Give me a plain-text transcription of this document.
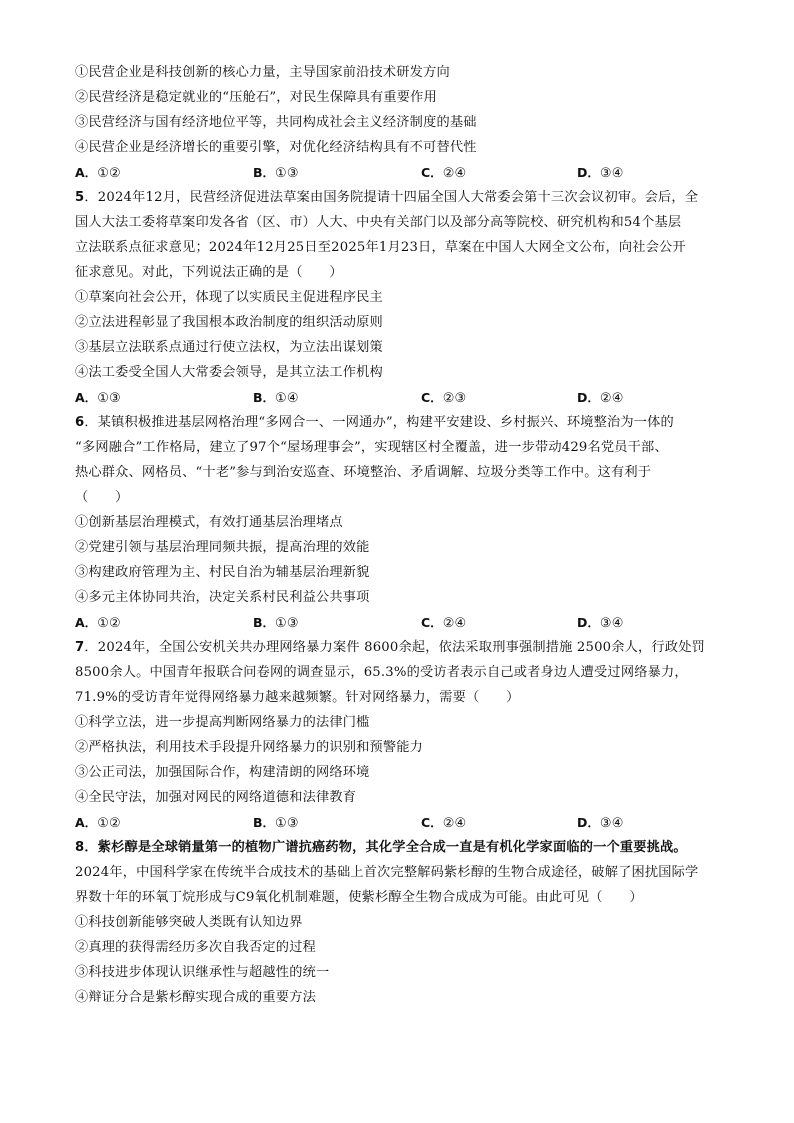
①民营企业是科技创新的核心力量，主导国家前沿技术研发方向
②民营经济是稳定就业的“压舱石”，对民生保障具有重要作用
③民营经济与国有经济地位平等，共同构成社会主义经济制度的基础
④民营企业是经济增长的重要引擎，对优化经济结构具有不可替代性
A．①②	B．①③	C．②④	D．③④
5．2024年12月，民营经济促进法草案由国务院提请十四届全国人大常委会第十三次会议初审。会后，全
国人大法工委将草案印发各省（区、市）人大、中央有关部门以及部分高等院校、研究机构和54个基层
立法联系点征求意见；2024年12月25日至2025年1月23日，草案在中国人大网全文公布，向社会公开
征求意见。对此，下列说法正确的是（　　）
①草案向社会公开，体现了以实质民主促进程序民主
②立法进程彰显了我国根本政治制度的组织活动原则
③基层立法联系点通过行使立法权，为立法出谋划策
④法工委受全国人大常委会领导，是其立法工作机构
A．①③	B．①④	C．②③	D．②④
6．某镇积极推进基层网格治理“多网合一、一网通办”，构建平安建设、乡村振兴、环境整治为一体的
“多网融合”工作格局，建立了97个“屋场理事会”，实现辖区村全覆盖，进一步带动429名党员干部、
热心群众、网格员、“十老”参与到治安巡查、环境整治、矛盾调解、垃圾分类等工作中。这有利于
（　　）
①创新基层治理模式，有效打通基层治理堵点
②党建引领与基层治理同频共振，提高治理的效能
③构建政府管理为主、村民自治为辅基层治理新貌
④多元主体协同共治，决定关系村民利益公共事项
A．①②	B．①③	C．②④	D．③④
7．2024年，全国公安机关共办理网络暴力案件 8600余起，依法采取刑事强制措施 2500余人，行政处罚
8500余人。中国青年报联合问卷网的调查显示，65.3%的受访者表示自己或者身边人遭受过网络暴力，
71.9%的受访青年觉得网络暴力越来越频繁。针对网络暴力，需要（　　）
①科学立法，进一步提高判断网络暴力的法律门槛
②严格执法，利用技术手段提升网络暴力的识别和预警能力
③公正司法，加强国际合作，构建清朗的网络环境
④全民守法，加强对网民的网络道德和法律教育
A．①②	B．①③	C．②④	D．③④
8．紫杉醇是全球销量第一的植物广谱抗癌药物，其化学全合成一直是有机化学家面临的一个重要挑战。
2024年，中国科学家在传统半合成技术的基础上首次完整解码紫杉醇的生物合成途径，破解了困扰国际学
界数十年的环氧丁烷形成与C9氧化机制难题，使紫杉醇全生物合成成为可能。由此可见（　　）
①科技创新能够突破人类既有认知边界
②真理的获得需经历多次自我否定的过程
③科技进步体现认识继承性与超越性的统一
④辩证分合是紫杉醇实现合成的重要方法
